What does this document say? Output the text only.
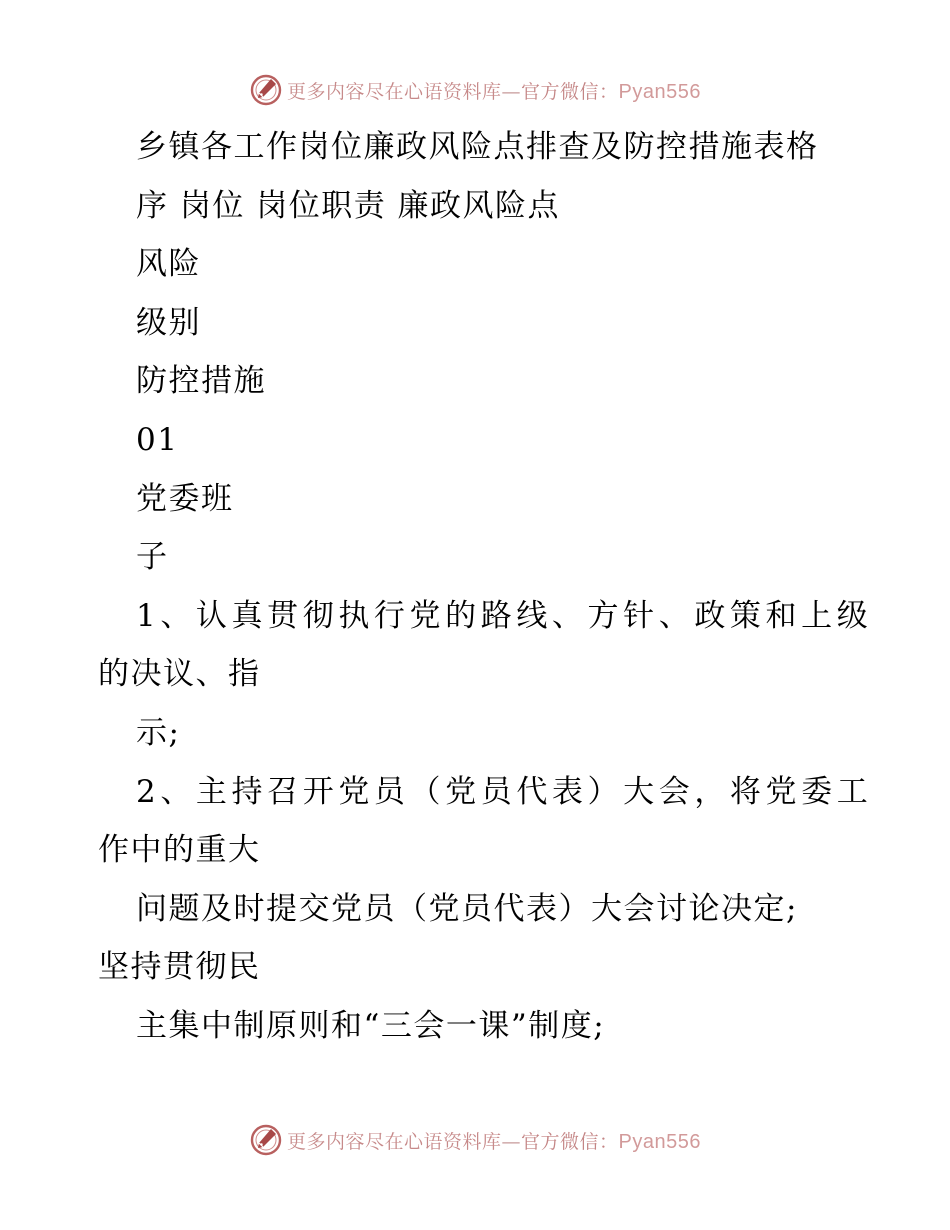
更多内容尽在心语资料库—官方微信：Pyan556
乡镇各工作岗位廉政风险点排查及防控措施表格
序 岗位 岗位职责 廉政风险点
风险
级别
防控措施
01
党委班
子
1、认真贯彻执行党的路线、方针、政策和上级
的决议、指
示;
2、主持召开党员（党员代表）大会，将党委工
作中的重大
问题及时提交党员（党员代表）大会讨论决定;
坚持贯彻民
主集中制原则和“三会一课”制度;
更多内容尽在心语资料库—官方微信：Pyan556
